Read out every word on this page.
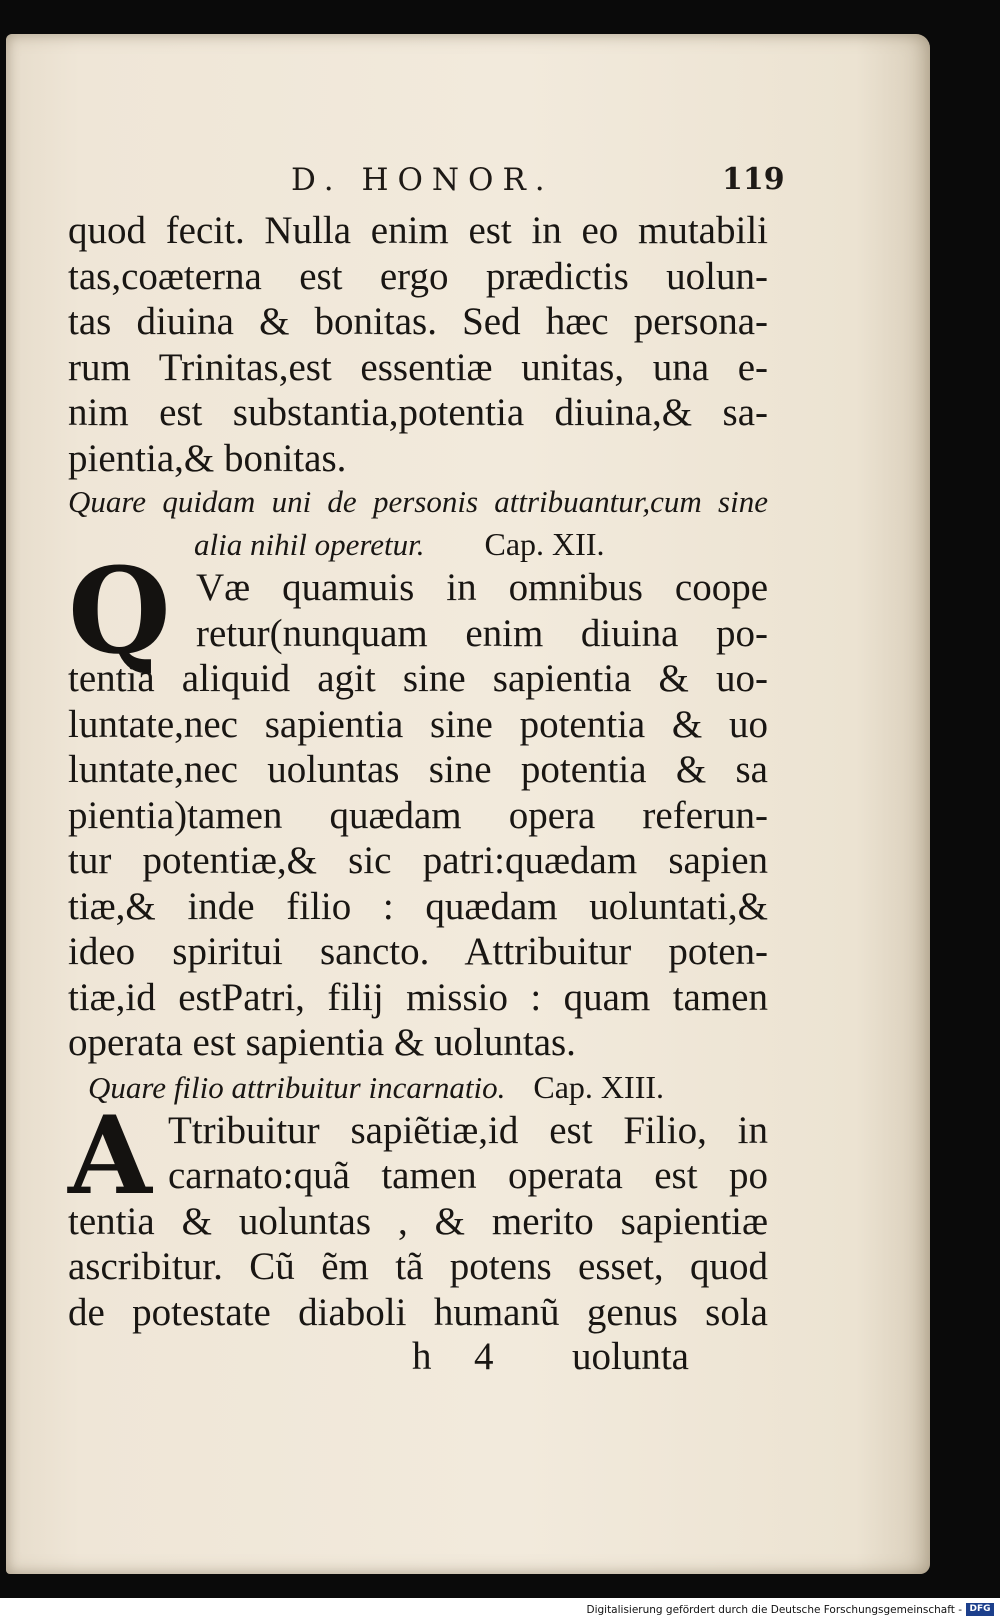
D. HONOR.	119
quod fecit. Nulla enim est in eo mutabili
tas,coæterna est ergo prædictis uolun-
tas diuina & bonitas. Sed hæc persona-
rum Trinitas,est essentiæ unitas, una e-
nim est substantia,potentia diuina,& sa-
pientia,& bonitas.
Quare quidam uni de personis attribuantur,cum sine
alia nihil operetur. Cap. XII.
Q Væ quamuis in omnibus coope
retur(nunquam enim diuina po-
tentia aliquid agit sine sapientia & uo-
luntate,nec sapientia sine potentia & uo
luntate,nec uoluntas sine potentia & sa
pientia)tamen quædam opera referun-
tur potentiæ,& sic patri:quædam sapien
tiæ,& inde filio : quædam uoluntati,&
ideo spiritui sancto. Attribuitur poten-
tiæ,id estPatri, filij missio : quam tamen
operata est sapientia & uoluntas.
Quare filio attribuitur incarnatio. Cap. XIII.
A Ttribuitur sapiẽtiæ,id est Filio, in
carnato:quã tamen operata est po
tentia & uoluntas , & merito sapientiæ
ascribitur. Cũ ẽm tã potens esset, quod
de potestate diaboli humanũ genus sola
h 4 uolunta
Digitalisierung gefördert durch die Deutsche Forschungsgemeinschaft - DFG
